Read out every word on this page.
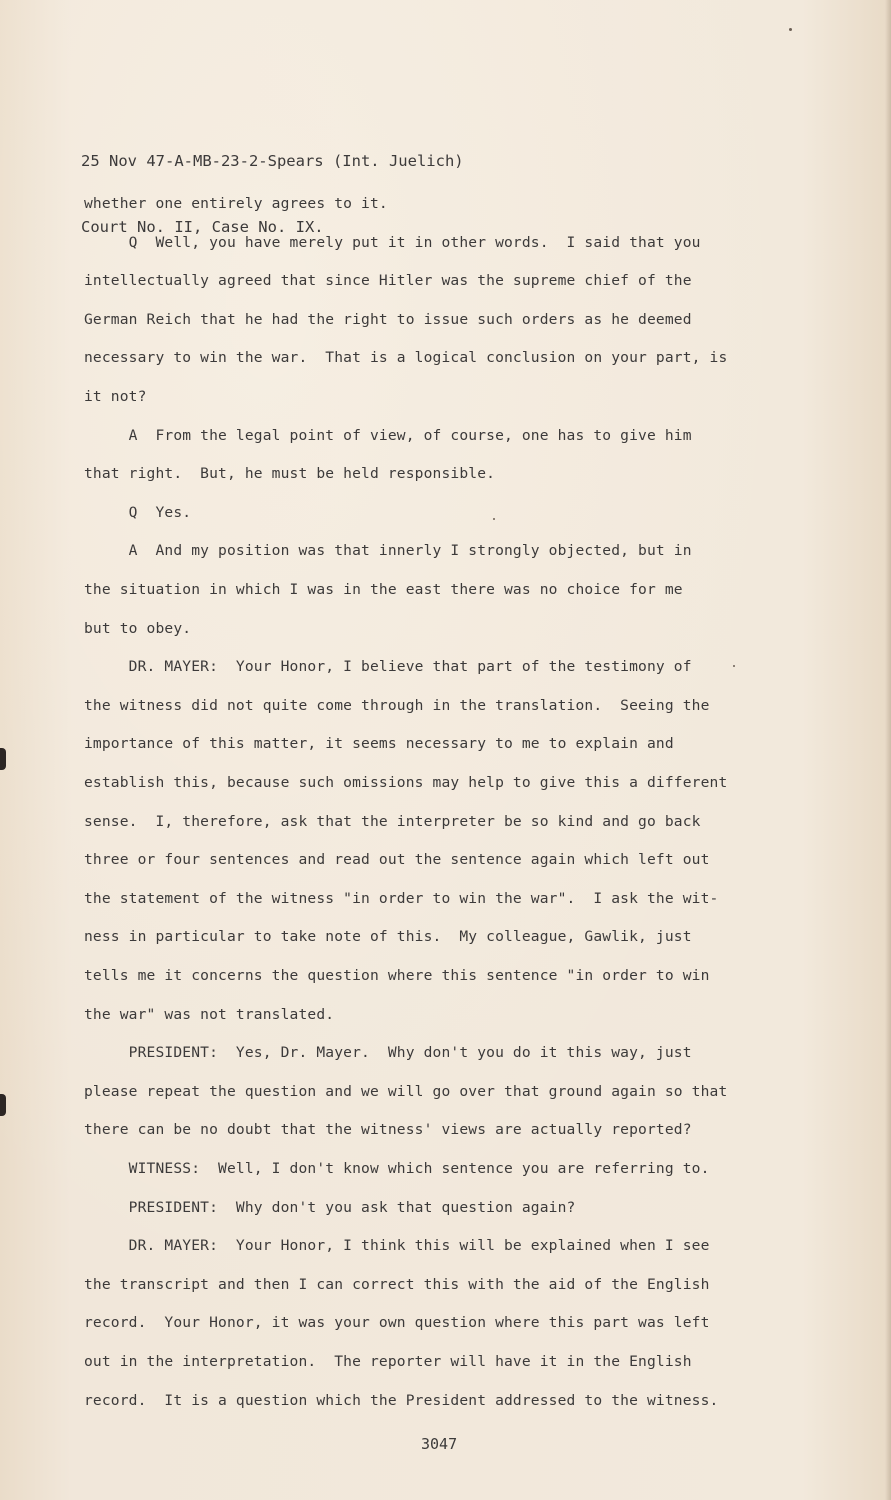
25 Nov 47-A-MB-23-2-Spears (Int. Juelich)

Court No. II, Case No. IX.

whether one entirely agrees to it.
Q  Well, you have merely put it in other words.  I said that you
intellectually agreed that since Hitler was the supreme chief of the
German Reich that he had the right to issue such orders as he deemed
necessary to win the war.  That is a logical conclusion on your part, is
it not?
A  From the legal point of view, of course, one has to give him
that right.  But, he must be held responsible.
Q  Yes.
A  And my position was that innerly I strongly objected, but in
the situation in which I was in the east there was no choice for me
but to obey.
DR. MAYER:  Your Honor, I believe that part of the testimony of
the witness did not quite come through in the translation.  Seeing the
importance of this matter, it seems necessary to me to explain and
establish this, because such omissions may help to give this a different
sense.  I, therefore, ask that the interpreter be so kind and go back
three or four sentences and read out the sentence again which left out
the statement of the witness "in order to win the war".  I ask the wit-
ness in particular to take note of this.  My colleague, Gawlik, just
tells me it concerns the question where this sentence "in order to win
the war" was not translated.
PRESIDENT:  Yes, Dr. Mayer.  Why don't you do it this way, just
please repeat the question and we will go over that ground again so that
there can be no doubt that the witness' views are actually reported?
WITNESS:  Well, I don't know which sentence you are referring to.
PRESIDENT:  Why don't you ask that question again?
DR. MAYER:  Your Honor, I think this will be explained when I see
the transcript and then I can correct this with the aid of the English
record.  Your Honor, it was your own question where this part was left
out in the interpretation.  The reporter will have it in the English
record.  It is a question which the President addressed to the witness.
3047
